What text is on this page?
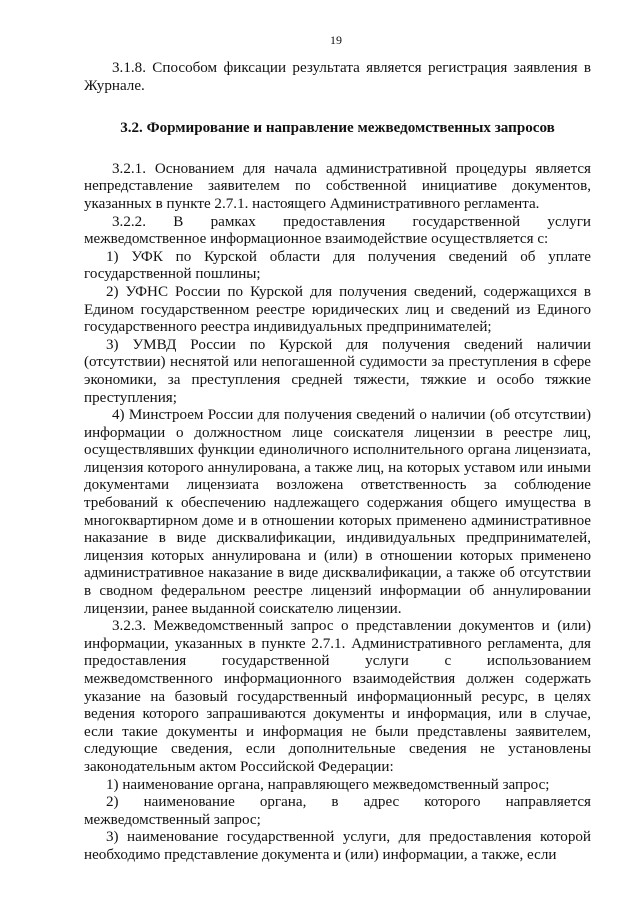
19

3.1.8. Способом фиксации результата является регистрация заявления в Журнале.

3.2. Формирование и направление межведомственных запросов

3.2.1. Основанием для начала административной процедуры является непредставление заявителем по собственной инициативе документов, указанных в пункте 2.7.1. настоящего Административного регламента.

3.2.2. В рамках предоставления государственной услуги межведомственное информационное взаимодействие осуществляется с:

1) УФК по Курской области для получения сведений об уплате государственной пошлины;

2) УФНС России по Курской для получения сведений, содержащихся в Едином государственном реестре юридических лиц и сведений из Единого государственного реестра индивидуальных предпринимателей;

3) УМВД России по Курской для получения сведений наличии (отсутствии) неснятой или непогашенной судимости за преступления в сфере экономики, за преступления средней тяжести, тяжкие и особо тяжкие преступления;

4) Минстроем России для получения сведений о наличии (об отсутствии) информации о должностном лице соискателя лицензии в реестре лиц, осуществлявших функции единоличного исполнительного органа лицензиата, лицензия которого аннулирована, а также лиц, на которых уставом или иными документами лицензиата возложена ответственность за соблюдение требований к обеспечению надлежащего содержания общего имущества в многоквартирном доме и в отношении которых применено административное наказание в виде дисквалификации, индивидуальных предпринимателей, лицензия которых аннулирована и (или) в отношении которых применено административное наказание в виде дисквалификации, а также об отсутствии в сводном федеральном реестре лицензий информации об аннулировании лицензии, ранее выданной соискателю лицензии.

3.2.3. Межведомственный запрос о представлении документов и (или) информации, указанных в пункте 2.7.1. Административного регламента, для предоставления государственной услуги с использованием межведомственного информационного взаимодействия должен содержать указание на базовый государственный информационный ресурс, в целях ведения которого запрашиваются документы и информация, или в случае, если такие документы и информация не были представлены заявителем, следующие сведения, если дополнительные сведения не установлены законодательным актом Российской Федерации:

1) наименование органа, направляющего межведомственный запрос;

2) наименование органа, в адрес которого направляется межведомственный запрос;

3) наименование государственной услуги, для предоставления которой необходимо представление документа и (или) информации, а также, если
